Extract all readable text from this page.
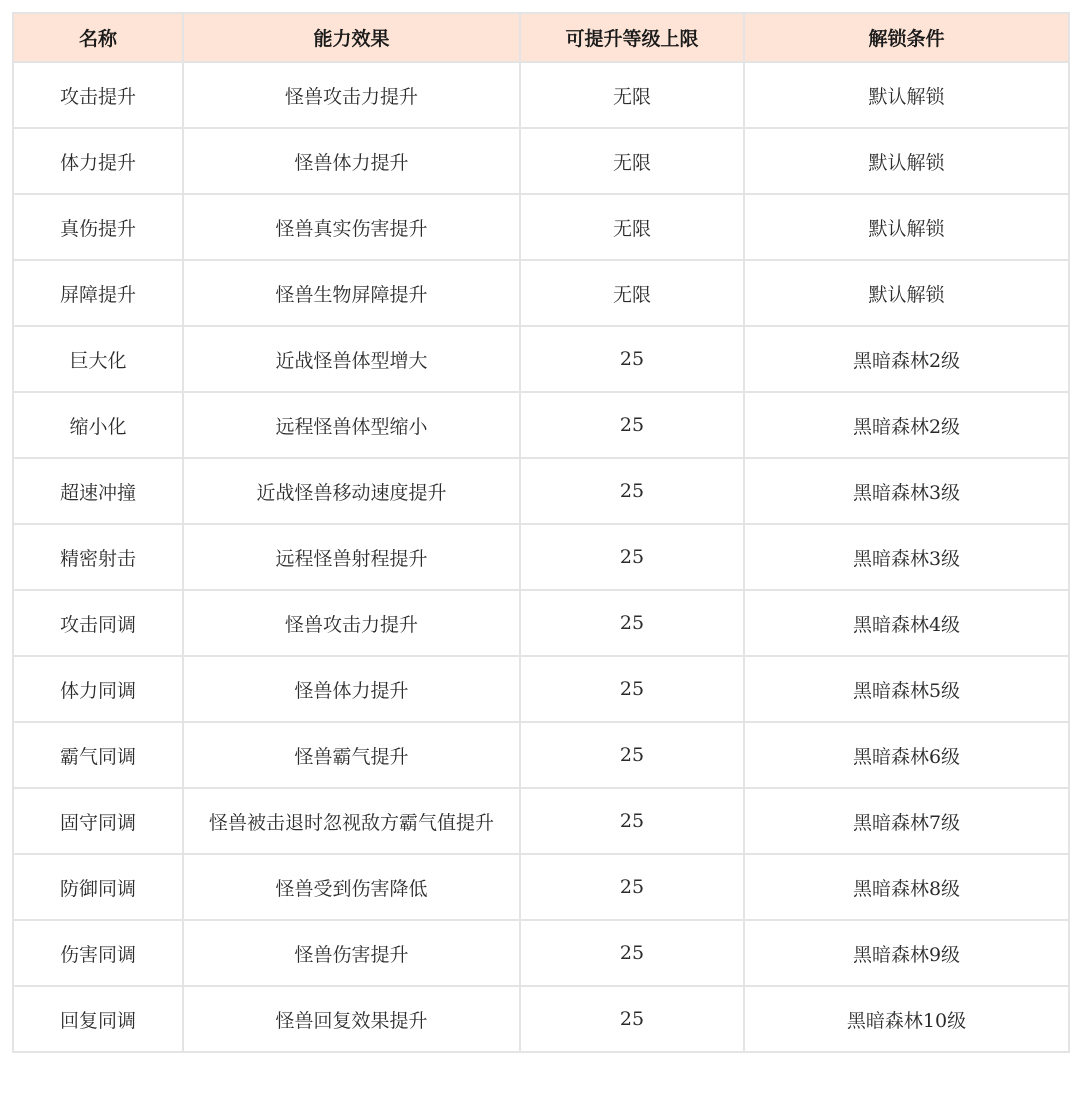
名称	能力效果	可提升等级上限	解锁条件
攻击提升	怪兽攻击力提升	无限	默认解锁
体力提升	怪兽体力提升	无限	默认解锁
真伤提升	怪兽真实伤害提升	无限	默认解锁
屏障提升	怪兽生物屏障提升	无限	默认解锁
巨大化	近战怪兽体型增大	25	黑暗森林2级
缩小化	远程怪兽体型缩小	25	黑暗森林2级
超速冲撞	近战怪兽移动速度提升	25	黑暗森林3级
精密射击	远程怪兽射程提升	25	黑暗森林3级
攻击同调	怪兽攻击力提升	25	黑暗森林4级
体力同调	怪兽体力提升	25	黑暗森林5级
霸气同调	怪兽霸气提升	25	黑暗森林6级
固守同调	怪兽被击退时忽视敌方霸气值提升	25	黑暗森林7级
防御同调	怪兽受到伤害降低	25	黑暗森林8级
伤害同调	怪兽伤害提升	25	黑暗森林9级
回复同调	怪兽回复效果提升	25	黑暗森林10级
